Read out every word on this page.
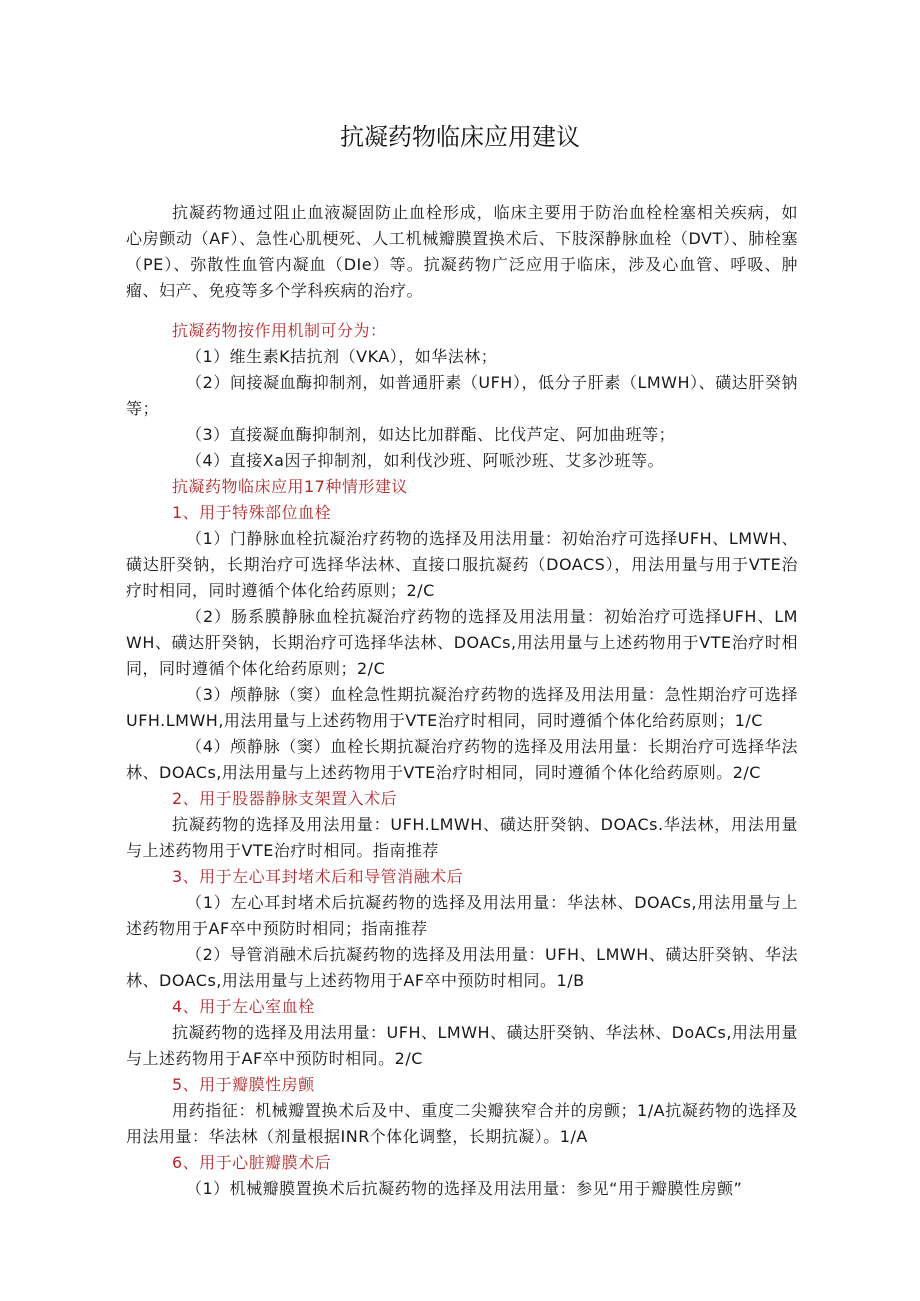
抗凝药物临床应用建议

抗凝药物通过阻止血液凝固防止血栓形成，临床主要用于防治血栓栓塞相关疾病，如心房颤动（AF）、急性心肌梗死、人工机械瓣膜置换术后、下肢深静脉血栓（DVT）、肺栓塞（PE）、弥散性血管内凝血（DIe）等。抗凝药物广泛应用于临床，涉及心血管、呼吸、肿瘤、妇产、免疫等多个学科疾病的治疗。

抗凝药物按作用机制可分为：

（1）维生素K拮抗剂（VKA），如华法林；

（2）间接凝血酶抑制剂，如普通肝素（UFH），低分子肝素（LMWH）、磺达肝癸钠等；

（3）直接凝血酶抑制剂，如达比加群酯、比伐芦定、阿加曲班等；

（4）直接Xa因子抑制剂，如利伐沙班、阿哌沙班、艾多沙班等。

抗凝药物临床应用17种情形建议

1、用于特殊部位血栓

（1）门静脉血栓抗凝治疗药物的选择及用法用量：初始治疗可选择UFH、LMWH、磺达肝癸钠，长期治疗可选择华法林、直接口服抗凝药（DOACS），用法用量与用于VTE治疗时相同，同时遵循个体化给药原则；2/C

（2）肠系膜静脉血栓抗凝治疗药物的选择及用法用量：初始治疗可选择UFH、LMWH、磺达肝癸钠，长期治疗可选择华法林、DOACs,用法用量与上述药物用于VTE治疗时相同，同时遵循个体化给药原则；2/C

（3）颅静脉（窦）血栓急性期抗凝治疗药物的选择及用法用量：急性期治疗可选择UFH.LMWH,用法用量与上述药物用于VTE治疗时相同，同时遵循个体化给药原则；1/C

（4）颅静脉（窦）血栓长期抗凝治疗药物的选择及用法用量：长期治疗可选择华法林、DOACs,用法用量与上述药物用于VTE治疗时相同，同时遵循个体化给药原则。2/C

2、用于股器静脉支架置入术后

抗凝药物的选择及用法用量：UFH.LMWH、磺达肝癸钠、DOACs.华法林，用法用量与上述药物用于VTE治疗时相同。指南推荐

3、用于左心耳封堵术后和导管消融术后

（1）左心耳封堵术后抗凝药物的选择及用法用量：华法林、DOACs,用法用量与上述药物用于AF卒中预防时相同；指南推荐

（2）导管消融术后抗凝药物的选择及用法用量：UFH、LMWH、磺达肝癸钠、华法林、DOACs,用法用量与上述药物用于AF卒中预防时相同。1/B

4、用于左心室血栓

抗凝药物的选择及用法用量：UFH、LMWH、磺达肝癸钠、华法林、DoACs,用法用量与上述药物用于AF卒中预防时相同。2/C

5、用于瓣膜性房颤

用药指征：机械瓣置换术后及中、重度二尖瓣狭窄合并的房颤；1/A抗凝药物的选择及用法用量：华法林（剂量根据INR个体化调整，长期抗凝）。1/A

6、用于心脏瓣膜术后

（1）机械瓣膜置换术后抗凝药物的选择及用法用量：参见“用于瓣膜性房颤”
